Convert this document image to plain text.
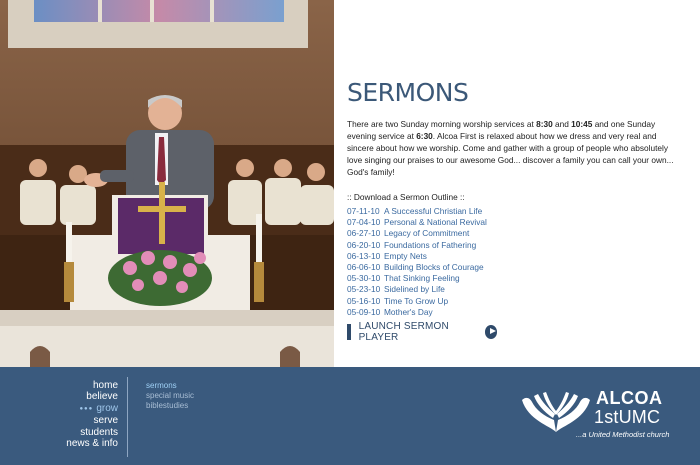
SERMONS

There are two Sunday morning worship services at 8:30 and 10:45 and one Sunday evening service at 6:30. Alcoa First is relaxed about how we dress and very real and sincere about how we worship. Come and gather with a group of people who absolutely love singing our praises to our awesome God... discover a family you can call your own... God's family!

:: Download a Sermon Outline ::
07-11-10 A Successful Christian Life
07-04-10 Personal & National Revival
06-27-10 Legacy of Commitment
06-20-10 Foundations of Fathering
06-13-10 Empty Nets
06-06-10 Building Blocks of Courage
05-30-10 That Sinking Feeling
05-23-10 Sidelined by Life
05-16-10 Time To Grow Up
05-09-10 Mother's Day
LAUNCH SERMON PLAYER
home
believe
●●● grow
serve
students
news & info
sermons
special music
biblestudies	ALCOA
1stUMC
...a United Methodist church
